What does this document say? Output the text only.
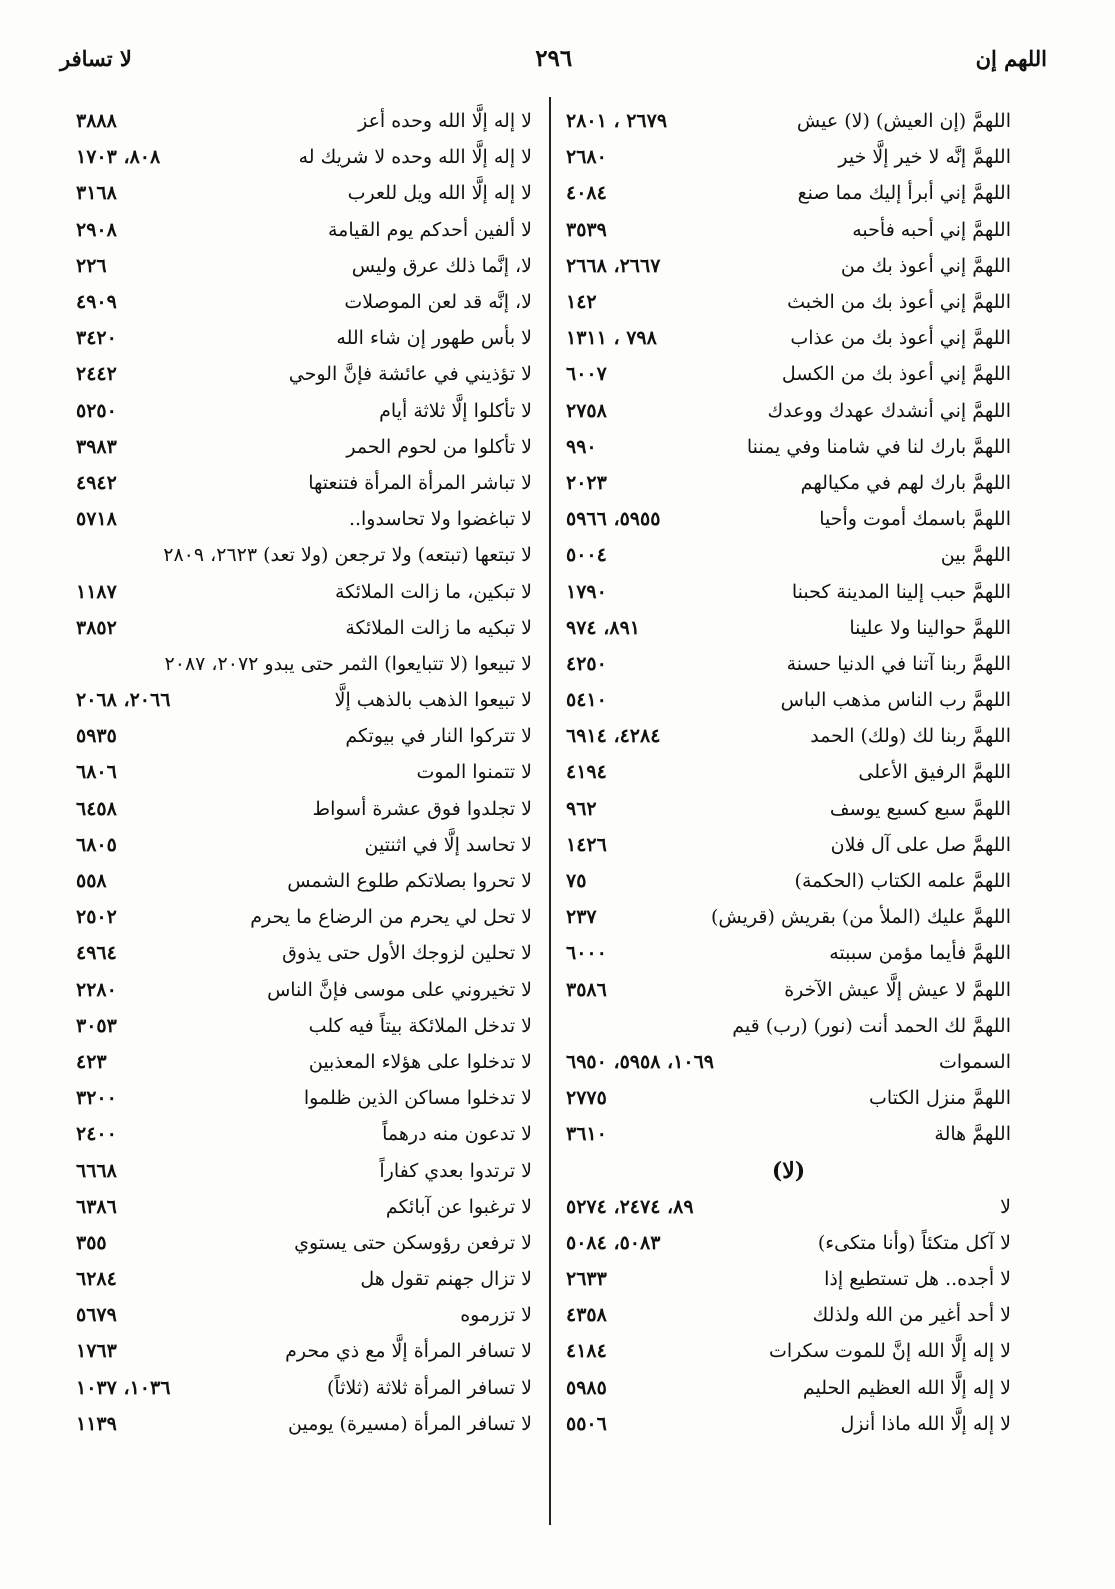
اللهم إن
٢٩٦
لا تسافر
اللهمَّ (إن العيش) (لا) عيش
٢٦٧٩ ، ٢٨٠١
اللهمَّ إنَّه لا خير إلَّا خير
٢٦٨٠
اللهمَّ إني أبرأ إليك مما صنع
٤٠٨٤
اللهمَّ إني أحبه فأحبه
٣٥٣٩
اللهمَّ إني أعوذ بك من
٢٦٦٧، ٢٦٦٨
اللهمَّ إني أعوذ بك من الخبث
١٤٢
اللهمَّ إني أعوذ بك من عذاب
٧٩٨ ، ١٣١١
اللهمَّ إني أعوذ بك من الكسل
٦٠٠٧
اللهمَّ إني أنشدك عهدك ووعدك
٢٧٥٨
اللهمَّ بارك لنا في شامنا وفي يمننا
٩٩٠
اللهمَّ بارك لهم في مكيالهم
٢٠٢٣
اللهمَّ باسمك أموت وأحيا
٥٩٥٥، ٥٩٦٦
اللهمَّ بين
٥٠٠٤
اللهمَّ حبب إلينا المدينة كحبنا
١٧٩٠
اللهمَّ حوالينا ولا علينا
٨٩١، ٩٧٤
اللهمَّ ربنا آتنا في الدنيا حسنة
٤٢٥٠
اللهمَّ رب الناس مذهب الباس
٥٤١٠
اللهمَّ ربنا لك (ولك) الحمد
٤٢٨٤، ٦٩١٤
اللهمَّ الرفيق الأعلى
٤١٩٤
اللهمَّ سبع كسبع يوسف
٩٦٢
اللهمَّ صل على آل فلان
١٤٢٦
اللهمَّ علمه الكتاب (الحكمة)
٧٥
اللهمَّ عليك (الملأ من) بقريش (قريش)
٢٣٧
اللهمَّ فأيما مؤمن سببته
٦٠٠٠
اللهمَّ لا عيش إلَّا عيش الآخرة
٣٥٨٦
اللهمَّ لك الحمد أنت (نور) (رب) قيم
السموات
١٠٦٩، ٥٩٥٨، ٦٩٥٠
اللهمَّ منزل الكتاب
٢٧٧٥
اللهمَّ هالة
٣٦١٠
(لا)
لا
٨٩، ٢٤٧٤، ٥٢٧٤
لا آكل متكئاً (وأنا متكىء)
٥٠٨٣، ٥٠٨٤
لا أجده.. هل تستطيع إذا
٢٦٣٣
لا أحد أغير من الله ولذلك
٤٣٥٨
لا إله إلَّا الله إنَّ للموت سكرات
٤١٨٤
لا إله إلَّا الله العظيم الحليم
٥٩٨٥
لا إله إلَّا الله ماذا أنزل
٥٥٠٦
لا إله إلَّا الله وحده أعز
٣٨٨٨
لا إله إلَّا الله وحده لا شريك له
٨٠٨، ١٧٠٣
لا إله إلَّا الله ويل للعرب
٣١٦٨
لا ألفين أحدكم يوم القيامة
٢٩٠٨
لا، إنَّما ذلك عرق وليس
٢٢٦
لا، إنَّه قد لعن الموصلات
٤٩٠٩
لا بأس طهور إن شاء الله
٣٤٢٠
لا تؤذيني في عائشة فإنَّ الوحي
٢٤٤٢
لا تأكلوا إلَّا ثلاثة أيام
٥٢٥٠
لا تأكلوا من لحوم الحمر
٣٩٨٣
لا تباشر المرأة المرأة فتنعتها
٤٩٤٢
لا تباغضوا ولا تحاسدوا..
٥٧١٨
لا تبتعها (تبتعه) ولا ترجعن (ولا تعد) ٢٦٢٣، ٢٨٠٩
لا تبكين، ما زالت الملائكة
١١٨٧
لا تبكيه ما زالت الملائكة
٣٨٥٢
لا تبيعوا (لا تتبايعوا) الثمر حتى يبدو ٢٠٧٢، ٢٠٨٧
لا تبيعوا الذهب بالذهب إلَّا
٢٠٦٦، ٢٠٦٨
لا تتركوا النار في بيوتكم
٥٩٣٥
لا تتمنوا الموت
٦٨٠٦
لا تجلدوا فوق عشرة أسواط
٦٤٥٨
لا تحاسد إلَّا في اثنتين
٦٨٠٥
لا تحروا بصلاتكم طلوع الشمس
٥٥٨
لا تحل لي يحرم من الرضاع ما يحرم
٢٥٠٢
لا تحلين لزوجك الأول حتى يذوق
٤٩٦٤
لا تخيروني على موسى فإنَّ الناس
٢٢٨٠
لا تدخل الملائكة بيتاً فيه كلب
٣٠٥٣
لا تدخلوا على هؤلاء المعذبين
٤٢٣
لا تدخلوا مساكن الذين ظلموا
٣٢٠٠
لا تدعون منه درهماً
٢٤٠٠
لا ترتدوا بعدي كفاراً
٦٦٦٨
لا ترغبوا عن آبائكم
٦٣٨٦
لا ترفعن رؤوسكن حتى يستوي
٣٥٥
لا تزال جهنم تقول هل
٦٢٨٤
لا تزرموه
٥٦٧٩
لا تسافر المرأة إلَّا مع ذي محرم
١٧٦٣
لا تسافر المرأة ثلاثة (ثلاثاً)
١٠٣٦، ١٠٣٧
لا تسافر المرأة (مسيرة) يومين
١١٣٩
